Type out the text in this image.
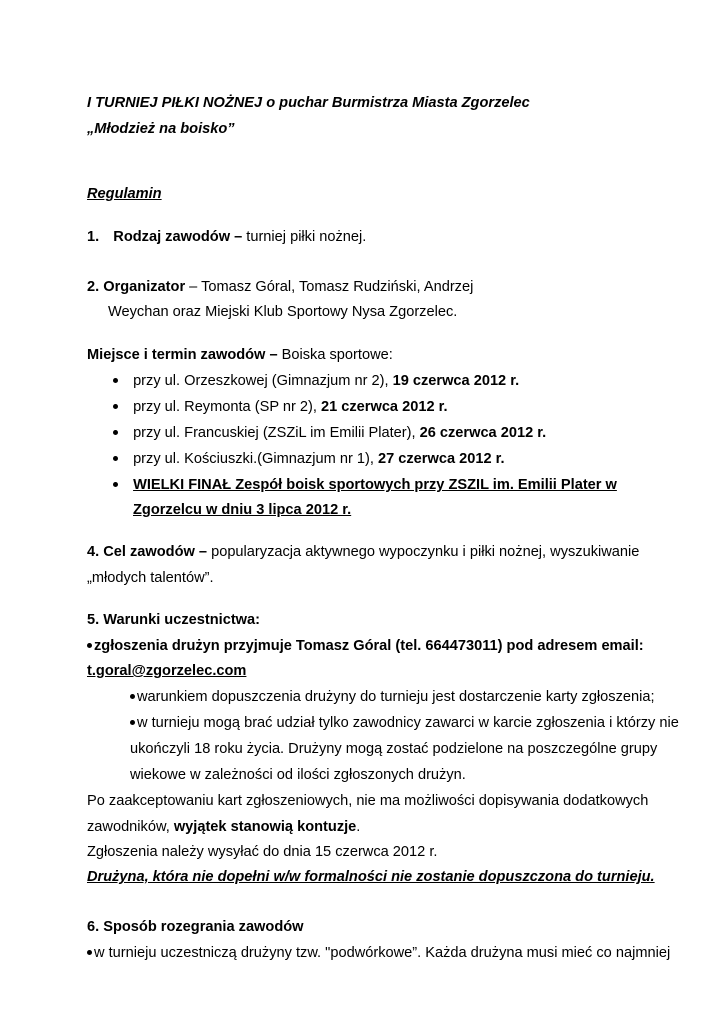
I TURNIEJ PIŁKI NOŻNEJ o puchar Burmistrza Miasta Zgorzelec
„Młodzież na boisko”
Regulamin
1. Rodzaj zawodów – turniej piłki nożnej.
2. Organizator – Tomasz Góral, Tomasz Rudziński, Andrzej
Weychan oraz Miejski Klub Sportowy Nysa Zgorzelec.
Miejsce i termin zawodów – Boiska sportowe:
przy ul. Orzeszkowej (Gimnazjum nr 2), 19 czerwca 2012 r.
przy ul. Reymonta (SP nr 2), 21 czerwca 2012 r.
przy ul. Francuskiej (ZSZiL im Emilii Plater), 26 czerwca 2012 r.
przy ul. Kościuszki.(Gimnazjum nr 1), 27 czerwca 2012 r.
WIELKI FINAŁ Zespół boisk sportowych przy ZSZIL im. Emilii Plater w
Zgorzelcu w dniu 3 lipca 2012 r.
4. Cel zawodów – popularyzacja aktywnego wypoczynku i piłki nożnej, wyszukiwanie
„młodych talentów”.
5. Warunki uczestnictwa:
zgłoszenia drużyn przyjmuje Tomasz Góral (tel. 664473011) pod adresem email:
t.goral@zgorzelec.com
warunkiem dopuszczenia drużyny do turnieju jest dostarczenie karty zgłoszenia;
w turnieju mogą brać udział tylko zawodnicy zawarci w karcie zgłoszenia i którzy nie
ukończyli 18 roku życia. Drużyny mogą zostać podzielone na poszczególne grupy
wiekowe w zależności od ilości zgłoszonych drużyn.
Po zaakceptowaniu kart zgłoszeniowych, nie ma możliwości dopisywania dodatkowych
zawodników, wyjątek stanowią kontuzje.
Zgłoszenia należy wysyłać do dnia 15 czerwca 2012 r.
Drużyna, która nie dopełni w/w formalności nie zostanie dopuszczona do turnieju.
6. Sposób rozegrania zawodów
w turnieju uczestniczą drużyny tzw. "podwórkowe”. Każda drużyna musi mieć co najmniej
